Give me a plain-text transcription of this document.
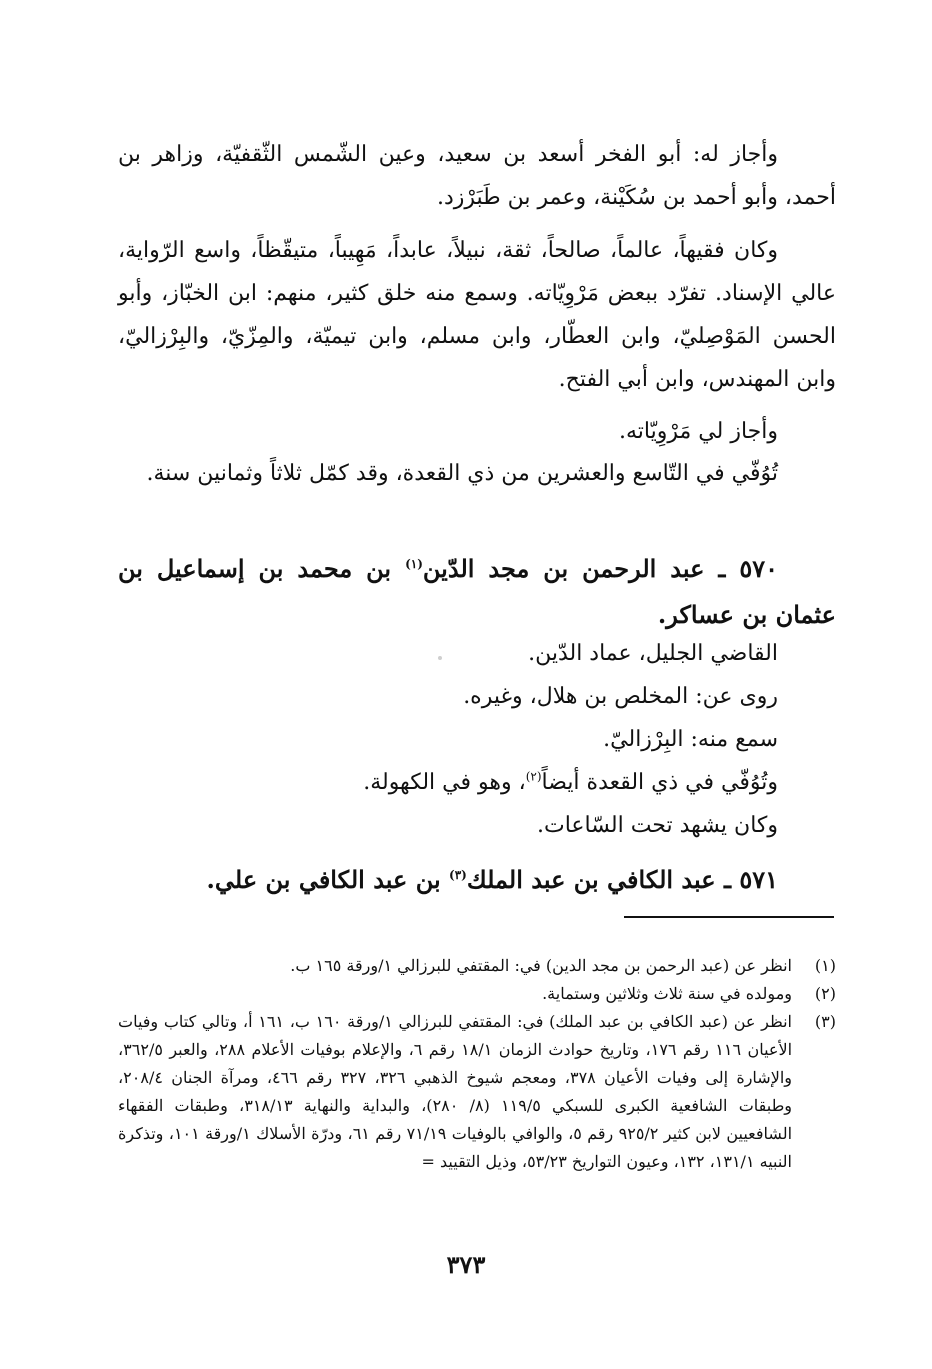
وأجاز له: أبو الفخر أسعد بن سعيد، وعين الشّمس الثّقفيّة، وزاهر بن أحمد، وأبو أحمد بن سُكَيْنة، وعمر بن طَبَرْزد.

وكان فقيهاً، عالماً، صالحاً، ثقة، نبيلاً، عابداً، مَهِيباً، متيقّظاً، واسع الرّواية، عالي الإسناد. تفرّد ببعض مَرْوِيّاته. وسمع منه خلق كثير، منهم: ابن الخبّاز، وأبو الحسن المَوْصِليّ، وابن العطّار، وابن مسلم، وابن تيميّة، والمِزّيّ، والبِرْزاليّ، وابن المهندس، وابن أبي الفتح.

وأجاز لي مَرْوِيّاته.

تُوُفّي في التّاسع والعشرين من ذي القعدة، وقد كمّل ثلاثاً وثمانين سنة.

٥٧٠ ـ عبد الرحمن بن مجد الدّين$^{(١)}$ بن محمد بن إسماعيل بن عثمان بن عساكر.

القاضي الجليل، عماد الدّين.

روى عن: المخلص بن هلال، وغيره.

سمع منه: البِرْزاليّ.

وتُوُفّي في ذي القعدة أيضاً$^{(٢)}$، وهو في الكهولة.

وكان يشهد تحت السّاعات.

٥٧١ ـ عبد الكافي بن عبد الملك$^{(٣)}$ بن عبد الكافي بن علي.

(١)
انظر عن (عبد الرحمن بن مجد الدين) في: المقتفي للبرزالي ١/ورقة ١٦٥ ب.
(٢)
ومولده في سنة ثلاث وثلاثين وستماية.
(٣)
انظر عن (عبد الكافي بن عبد الملك) في: المقتفي للبرزالي ١/ورقة ١٦٠ ب، ١٦١ أ، وتالي كتاب وفيات الأعيان ١١٦ رقم ١٧٦، وتاريخ حوادث الزمان ١٨/١ رقم ٦، والإعلام بوفيات الأعلام ٢٨٨، والعبر ٣٦٢/٥، والإشارة إلى وفيات الأعيان ٣٧٨، ومعجم شيوخ الذهبي ٣٢٦، ٣٢٧ رقم ٤٦٦، ومرآة الجنان ٢٠٨/٤، وطبقات الشافعية الكبرى للسبكي ١١٩/٥ (٨/ ٢٨٠)، والبداية والنهاية ٣١٨/١٣، وطبقات الفقهاء الشافعيين لابن كثير ٩٢٥/٢ رقم ٥، والوافي بالوفيات ٧١/١٩ رقم ٦١، ودرّة الأسلاك ١/ورقة ١٠١، وتذكرة النبيه ١٣١/١، ١٣٢، وعيون التواريخ ٥٣/٢٣، وذيل التقييد =
٣٧٣
